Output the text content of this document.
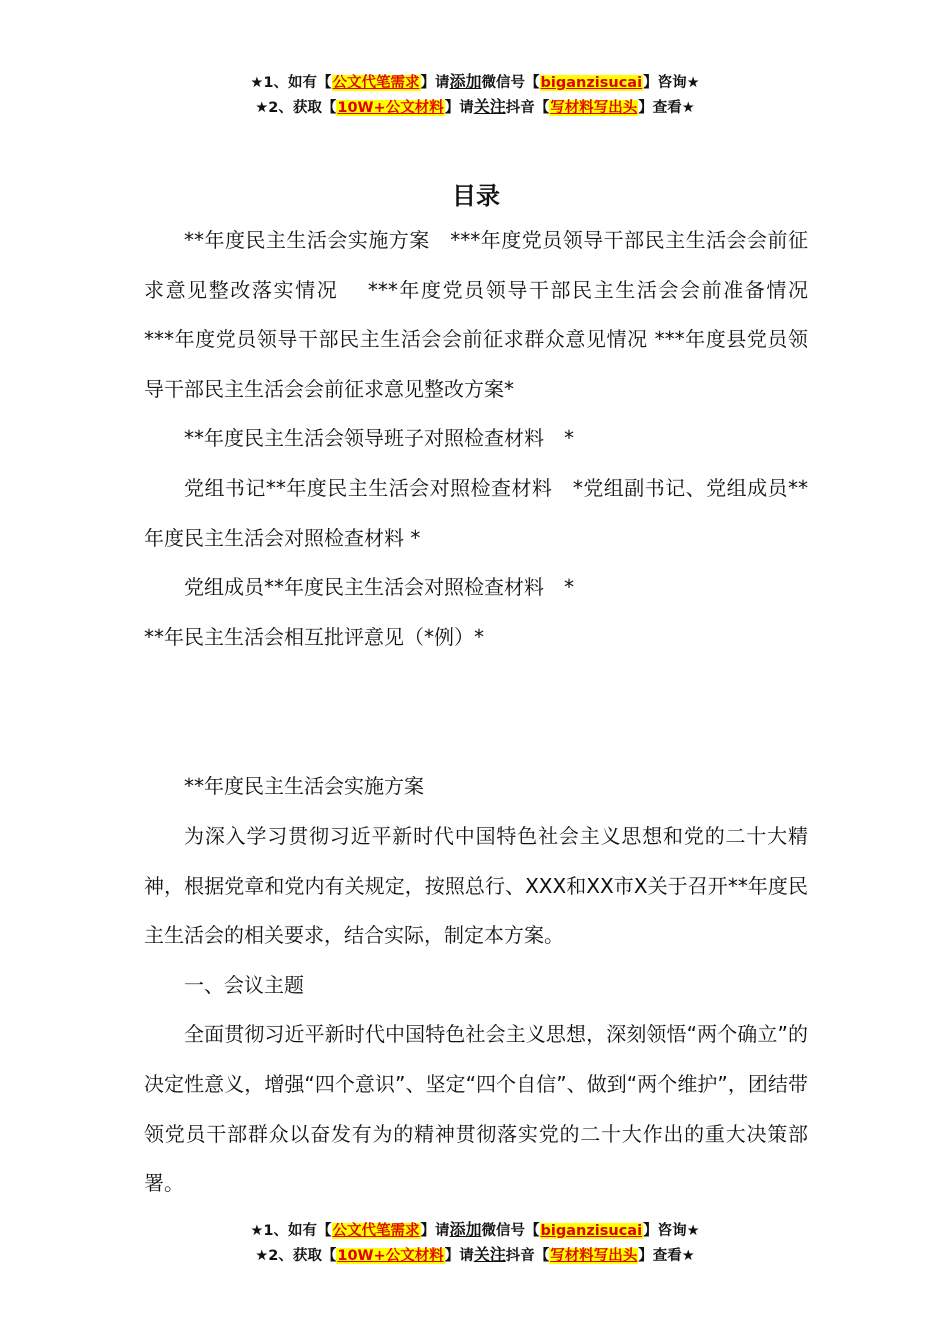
★1、如有【公文代笔需求】请添加微信号【biganzisucai】咨询★
★2、获取【10W+公文材料】请关注抖音【写材料写出头】查看★
目录

**年度民主生活会实施方案　***年度党员领导干部民主生活会会前征求意见整改落实情况　 ***年度党员领导干部民主生活会会前准备情况　***年度党员领导干部民主生活会会前征求群众意见情况 ***年度县党员领导干部民主生活会会前征求意见整改方案*

**年度民主生活会领导班子对照检查材料　*

党组书记**年度民主生活会对照检查材料　*党组副书记、党组成员**年度民主生活会对照检查材料 *

党组成员**年度民主生活会对照检查材料　*

**年民主生活会相互批评意见（*例）*

**年度民主生活会实施方案

为深入学习贯彻习近平新时代中国特色社会主义思想和党的二十大精神，根据党章和党内有关规定，按照总行、XXX和XX市X关于召开**年度民主生活会的相关要求，结合实际，制定本方案。

一、会议主题

全面贯彻习近平新时代中国特色社会主义思想，深刻领悟“两个确立”的决定性意义，增强“四个意识”、坚定“四个自信”、做到“两个维护”，团结带领党员干部群众以奋发有为的精神贯彻落实党的二十大作出的重大决策部署。

★1、如有【公文代笔需求】请添加微信号【biganzisucai】咨询★
★2、获取【10W+公文材料】请关注抖音【写材料写出头】查看★
